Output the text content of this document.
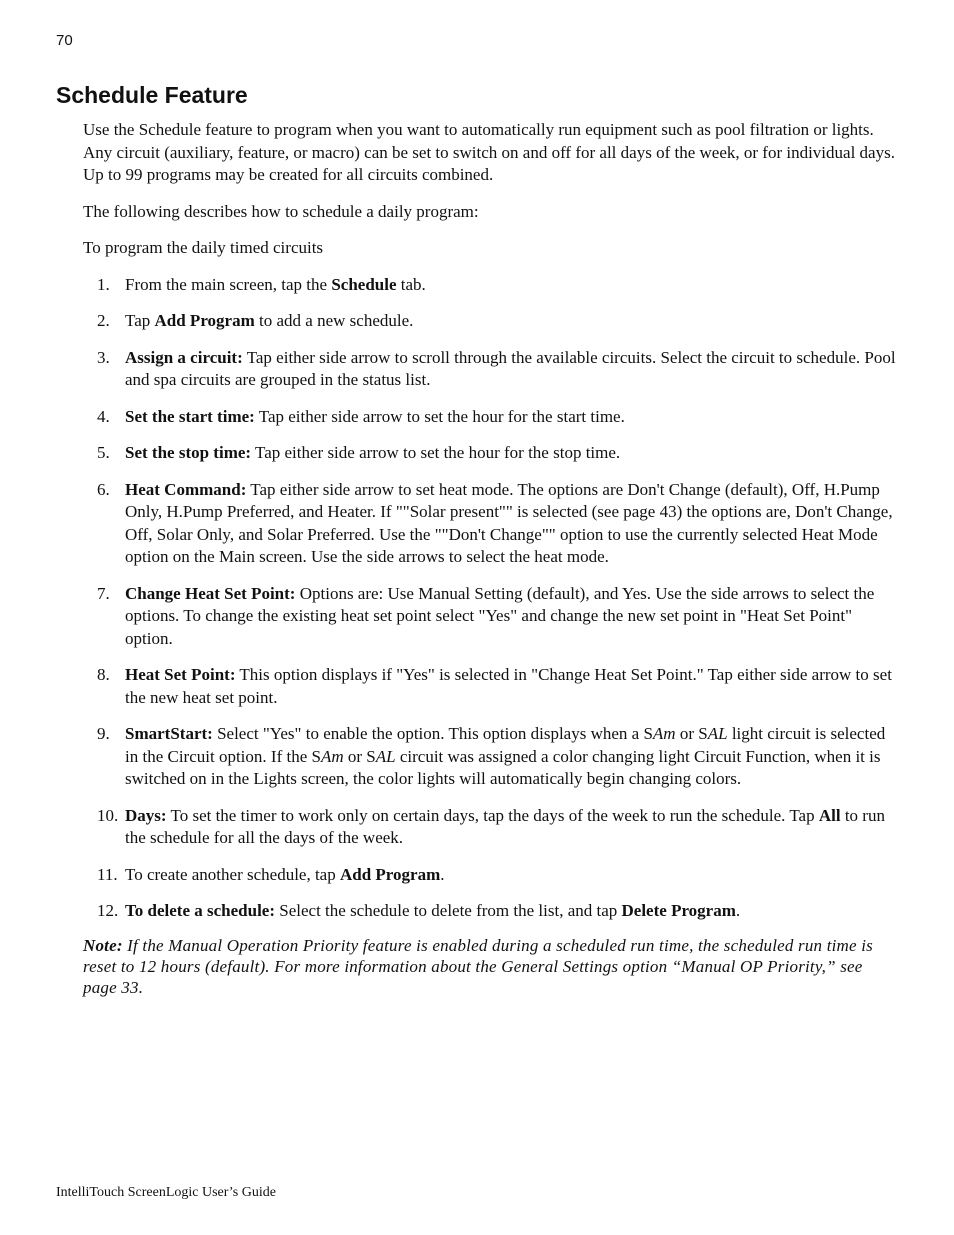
70
Schedule Feature

Use the Schedule feature to program when you want to automatically run equipment such as pool filtration or lights. Any circuit (auxiliary, feature, or macro) can be set to switch on and off for all days of the week, or for individual days. Up to 99 programs may be created for all circuits combined.

The following describes how to schedule a daily program:

To program the daily timed circuits

1. From the main screen, tap the Schedule tab.
2. Tap Add Program to add a new schedule.
3. Assign a circuit: Tap either side arrow to scroll through the available circuits. Select the circuit to schedule. Pool and spa circuits are grouped in the status list.
4. Set the start time: Tap either side arrow to set the hour for the start time.
5. Set the stop time: Tap either side arrow to set the hour for the stop time.
6. Heat Command: Tap either side arrow to set heat mode. The options are Don't Change (default), Off, H.Pump Only, H.Pump Preferred, and Heater. If ""Solar present"" is selected (see page 43) the options are, Don't Change, Off, Solar Only, and Solar Preferred. Use the ""Don't Change"" option to use the currently selected Heat Mode option on the Main screen. Use the side arrows to select the heat mode.
7. Change Heat Set Point: Options are: Use Manual Setting (default), and Yes. Use the side arrows to select the options. To change the existing heat set point select "Yes" and change the new set point in "Heat Set Point" option.
8. Heat Set Point: This option displays if "Yes" is selected in "Change Heat Set Point." Tap either side arrow to set the new heat set point.
9. SmartStart: Select "Yes" to enable the option. This option displays when a SAm or SAL light circuit is selected in the Circuit option. If the SAm or SAL circuit was assigned a color changing light Circuit Function, when it is switched on in the Lights screen, the color lights will automatically begin changing colors.
10. Days: To set the timer to work only on certain days, tap the days of the week to run the schedule. Tap All to run the schedule for all the days of the week.
11. To create another schedule, tap Add Program.
12. To delete a schedule: Select the schedule to delete from the list, and tap Delete Program.

Note: If the Manual Operation Priority feature is enabled during a scheduled run time, the scheduled run time is reset to 12 hours (default). For more information about the General Settings option “Manual OP Priority,” see page 33.

IntelliTouch ScreenLogic User’s Guide
